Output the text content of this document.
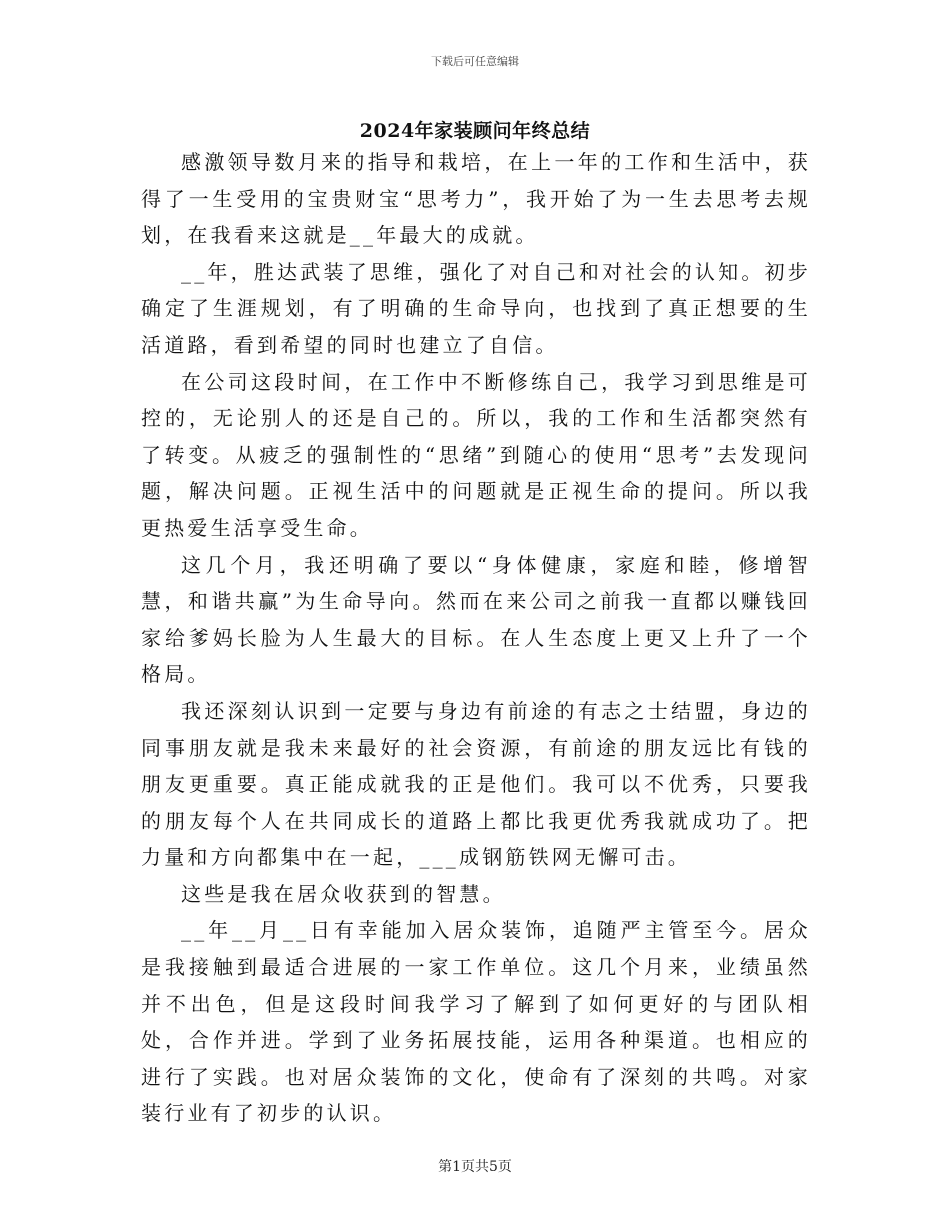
下载后可任意编辑
2024年家装顾问年终总结

感激领导数月来的指导和栽培，在上一年的工作和生活中，获得了一生受用的宝贵财宝“思考力”，我开始了为一生去思考去规划，在我看来这就是__年最大的成就。

__年，胜达武装了思维，强化了对自己和对社会的认知。初步确定了生涯规划，有了明确的生命导向，也找到了真正想要的生活道路，看到希望的同时也建立了自信。

在公司这段时间，在工作中不断修练自己，我学习到思维是可控的，无论别人的还是自己的。所以，我的工作和生活都突然有了转变。从疲乏的强制性的“思绪”到随心的使用“思考”去发现问题，解决问题。正视生活中的问题就是正视生命的提问。所以我更热爱生活享受生命。

这几个月，我还明确了要以“身体健康，家庭和睦，修增智慧，和谐共赢”为生命导向。然而在来公司之前我一直都以赚钱回家给爹妈长脸为人生最大的目标。在人生态度上更又上升了一个格局。

我还深刻认识到一定要与身边有前途的有志之士结盟，身边的同事朋友就是我未来最好的社会资源，有前途的朋友远比有钱的朋友更重要。真正能成就我的正是他们。我可以不优秀，只要我的朋友每个人在共同成长的道路上都比我更优秀我就成功了。把力量和方向都集中在一起，___成钢筋铁网无懈可击。

这些是我在居众收获到的智慧。

__年__月__日有幸能加入居众装饰，追随严主管至今。居众是我接触到最适合进展的一家工作单位。这几个月来，业绩虽然并不出色，但是这段时间我学习了解到了如何更好的与团队相处，合作并进。学到了业务拓展技能，运用各种渠道。也相应的进行了实践。也对居众装饰的文化，使命有了深刻的共鸣。对家装行业有了初步的认识。

第1页共5页
